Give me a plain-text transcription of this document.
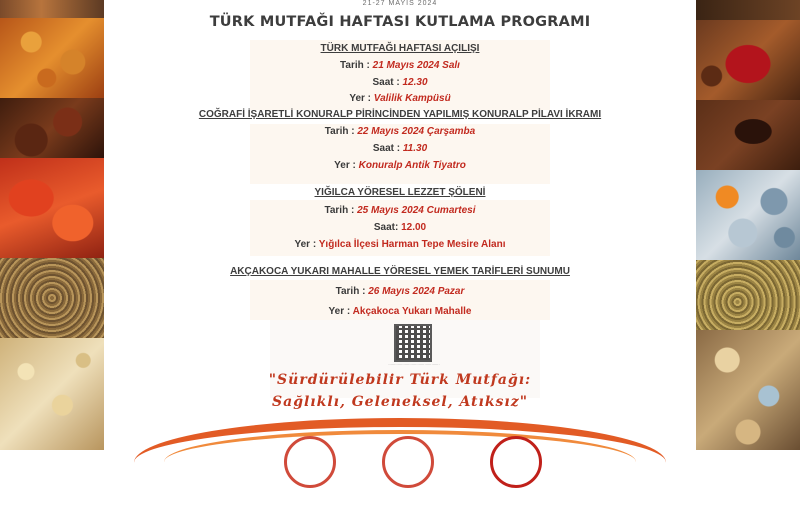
21-27 MAYIS 2024
TÜRK MUTFAĞI HAFTASI KUTLAMA PROGRAMI
TÜRK MUTFAĞI HAFTASI AÇILIŞI
Tarih : 21 Mayıs 2024 Salı
Saat : 12.30
Yer : Valilik Kampüsü
COĞRAFİ İŞARETLİ KONURALP PİRİNCİNDEN YAPILMIŞ KONURALP PİLAVI İKRAMI
Tarih : 22 Mayıs 2024 Çarşamba
Saat : 11.30
Yer : Konuralp Antik Tiyatro
YIĞILCA YÖRESEL LEZZET ŞÖLENİ
Tarih : 25 Mayıs 2024 Cumartesi
Saat: 12.00
Yer : Yığılca İlçesi Harman Tepe Mesire Alanı
AKÇAKOCA YUKARI MAHALLE YÖRESEL YEMEK TARİFLERİ SUNUMU
Tarih : 26 Mayıs 2024 Pazar
Yer : Akçakoca Yukarı Mahalle
············································
"Sürdürülebilir Türk Mutfağı:
Sağlıklı, Geleneksel, Atıksız"
